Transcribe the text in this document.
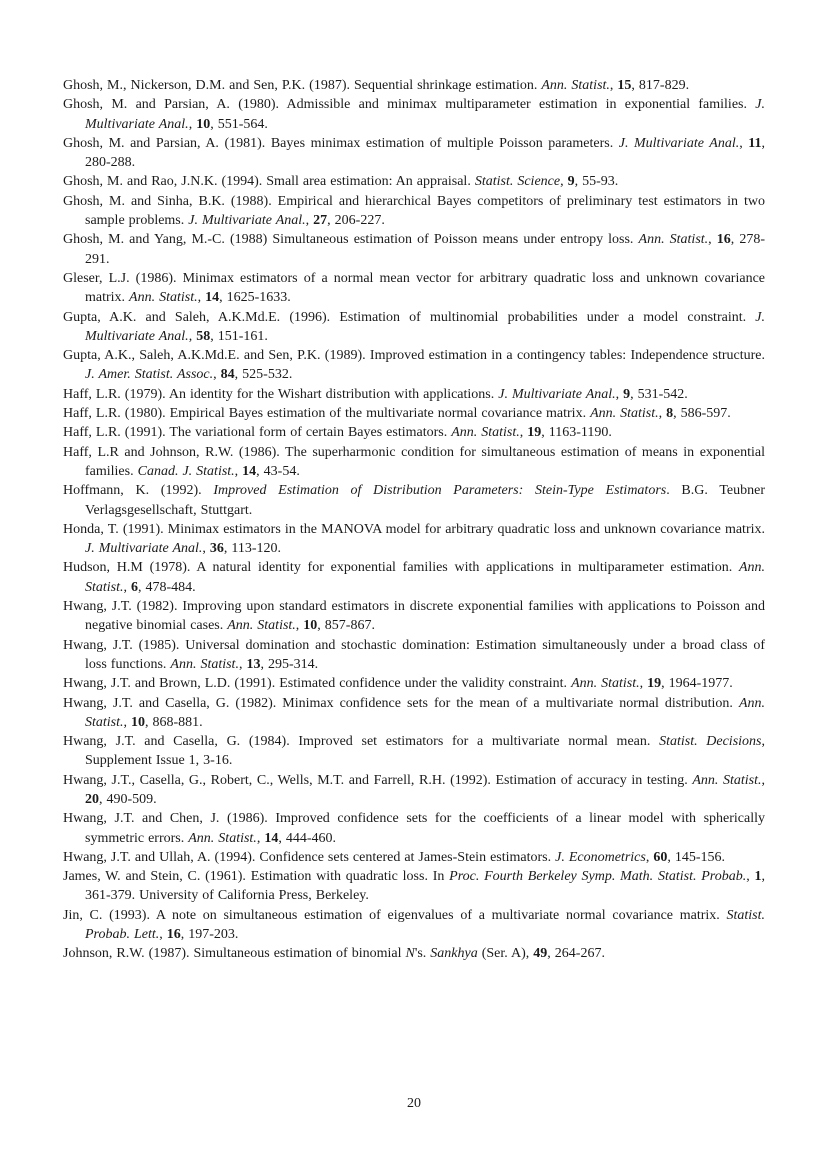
Ghosh, M., Nickerson, D.M. and Sen, P.K. (1987). Sequential shrinkage estimation. Ann. Statist., 15, 817-829.

Ghosh, M. and Parsian, A. (1980). Admissible and minimax multiparameter estimation in exponential families. J. Multivariate Anal., 10, 551-564.

Ghosh, M. and Parsian, A. (1981). Bayes minimax estimation of multiple Poisson parameters. J. Multivariate Anal., 11, 280-288.

Ghosh, M. and Rao, J.N.K. (1994). Small area estimation: An appraisal. Statist. Science, 9, 55-93.

Ghosh, M. and Sinha, B.K. (1988). Empirical and hierarchical Bayes competitors of preliminary test estimators in two sample problems. J. Multivariate Anal., 27, 206-227.

Ghosh, M. and Yang, M.-C. (1988) Simultaneous estimation of Poisson means under entropy loss. Ann. Statist., 16, 278-291.

Gleser, L.J. (1986). Minimax estimators of a normal mean vector for arbitrary quadratic loss and unknown covariance matrix. Ann. Statist., 14, 1625-1633.

Gupta, A.K. and Saleh, A.K.Md.E. (1996). Estimation of multinomial probabilities under a model constraint. J. Multivariate Anal., 58, 151-161.

Gupta, A.K., Saleh, A.K.Md.E. and Sen, P.K. (1989). Improved estimation in a contingency tables: Independence structure. J. Amer. Statist. Assoc., 84, 525-532.

Haff, L.R. (1979). An identity for the Wishart distribution with applications. J. Multivariate Anal., 9, 531-542.

Haff, L.R. (1980). Empirical Bayes estimation of the multivariate normal covariance matrix. Ann. Statist., 8, 586-597.

Haff, L.R. (1991). The variational form of certain Bayes estimators. Ann. Statist., 19, 1163-1190.

Haff, L.R and Johnson, R.W. (1986). The superharmonic condition for simultaneous estimation of means in exponential families. Canad. J. Statist., 14, 43-54.

Hoffmann, K. (1992). Improved Estimation of Distribution Parameters: Stein-Type Estimators. B.G. Teubner Verlagsgesellschaft, Stuttgart.

Honda, T. (1991). Minimax estimators in the MANOVA model for arbitrary quadratic loss and unknown covariance matrix. J. Multivariate Anal., 36, 113-120.

Hudson, H.M (1978). A natural identity for exponential families with applications in multiparameter estimation. Ann. Statist., 6, 478-484.

Hwang, J.T. (1982). Improving upon standard estimators in discrete exponential families with applications to Poisson and negative binomial cases. Ann. Statist., 10, 857-867.

Hwang, J.T. (1985). Universal domination and stochastic domination: Estimation simultaneously under a broad class of loss functions. Ann. Statist., 13, 295-314.

Hwang, J.T. and Brown, L.D. (1991). Estimated confidence under the validity constraint. Ann. Statist., 19, 1964-1977.

Hwang, J.T. and Casella, G. (1982). Minimax confidence sets for the mean of a multivariate normal distribution. Ann. Statist., 10, 868-881.

Hwang, J.T. and Casella, G. (1984). Improved set estimators for a multivariate normal mean. Statist. Decisions, Supplement Issue 1, 3-16.

Hwang, J.T., Casella, G., Robert, C., Wells, M.T. and Farrell, R.H. (1992). Estimation of accuracy in testing. Ann. Statist., 20, 490-509.

Hwang, J.T. and Chen, J. (1986). Improved confidence sets for the coefficients of a linear model with spherically symmetric errors. Ann. Statist., 14, 444-460.

Hwang, J.T. and Ullah, A. (1994). Confidence sets centered at James-Stein estimators. J. Econometrics, 60, 145-156.

James, W. and Stein, C. (1961). Estimation with quadratic loss. In Proc. Fourth Berkeley Symp. Math. Statist. Probab., 1, 361-379. University of California Press, Berkeley.

Jin, C. (1993). A note on simultaneous estimation of eigenvalues of a multivariate normal covariance matrix. Statist. Probab. Lett., 16, 197-203.

Johnson, R.W. (1987). Simultaneous estimation of binomial N's. Sankhya (Ser. A), 49, 264-267.

20
